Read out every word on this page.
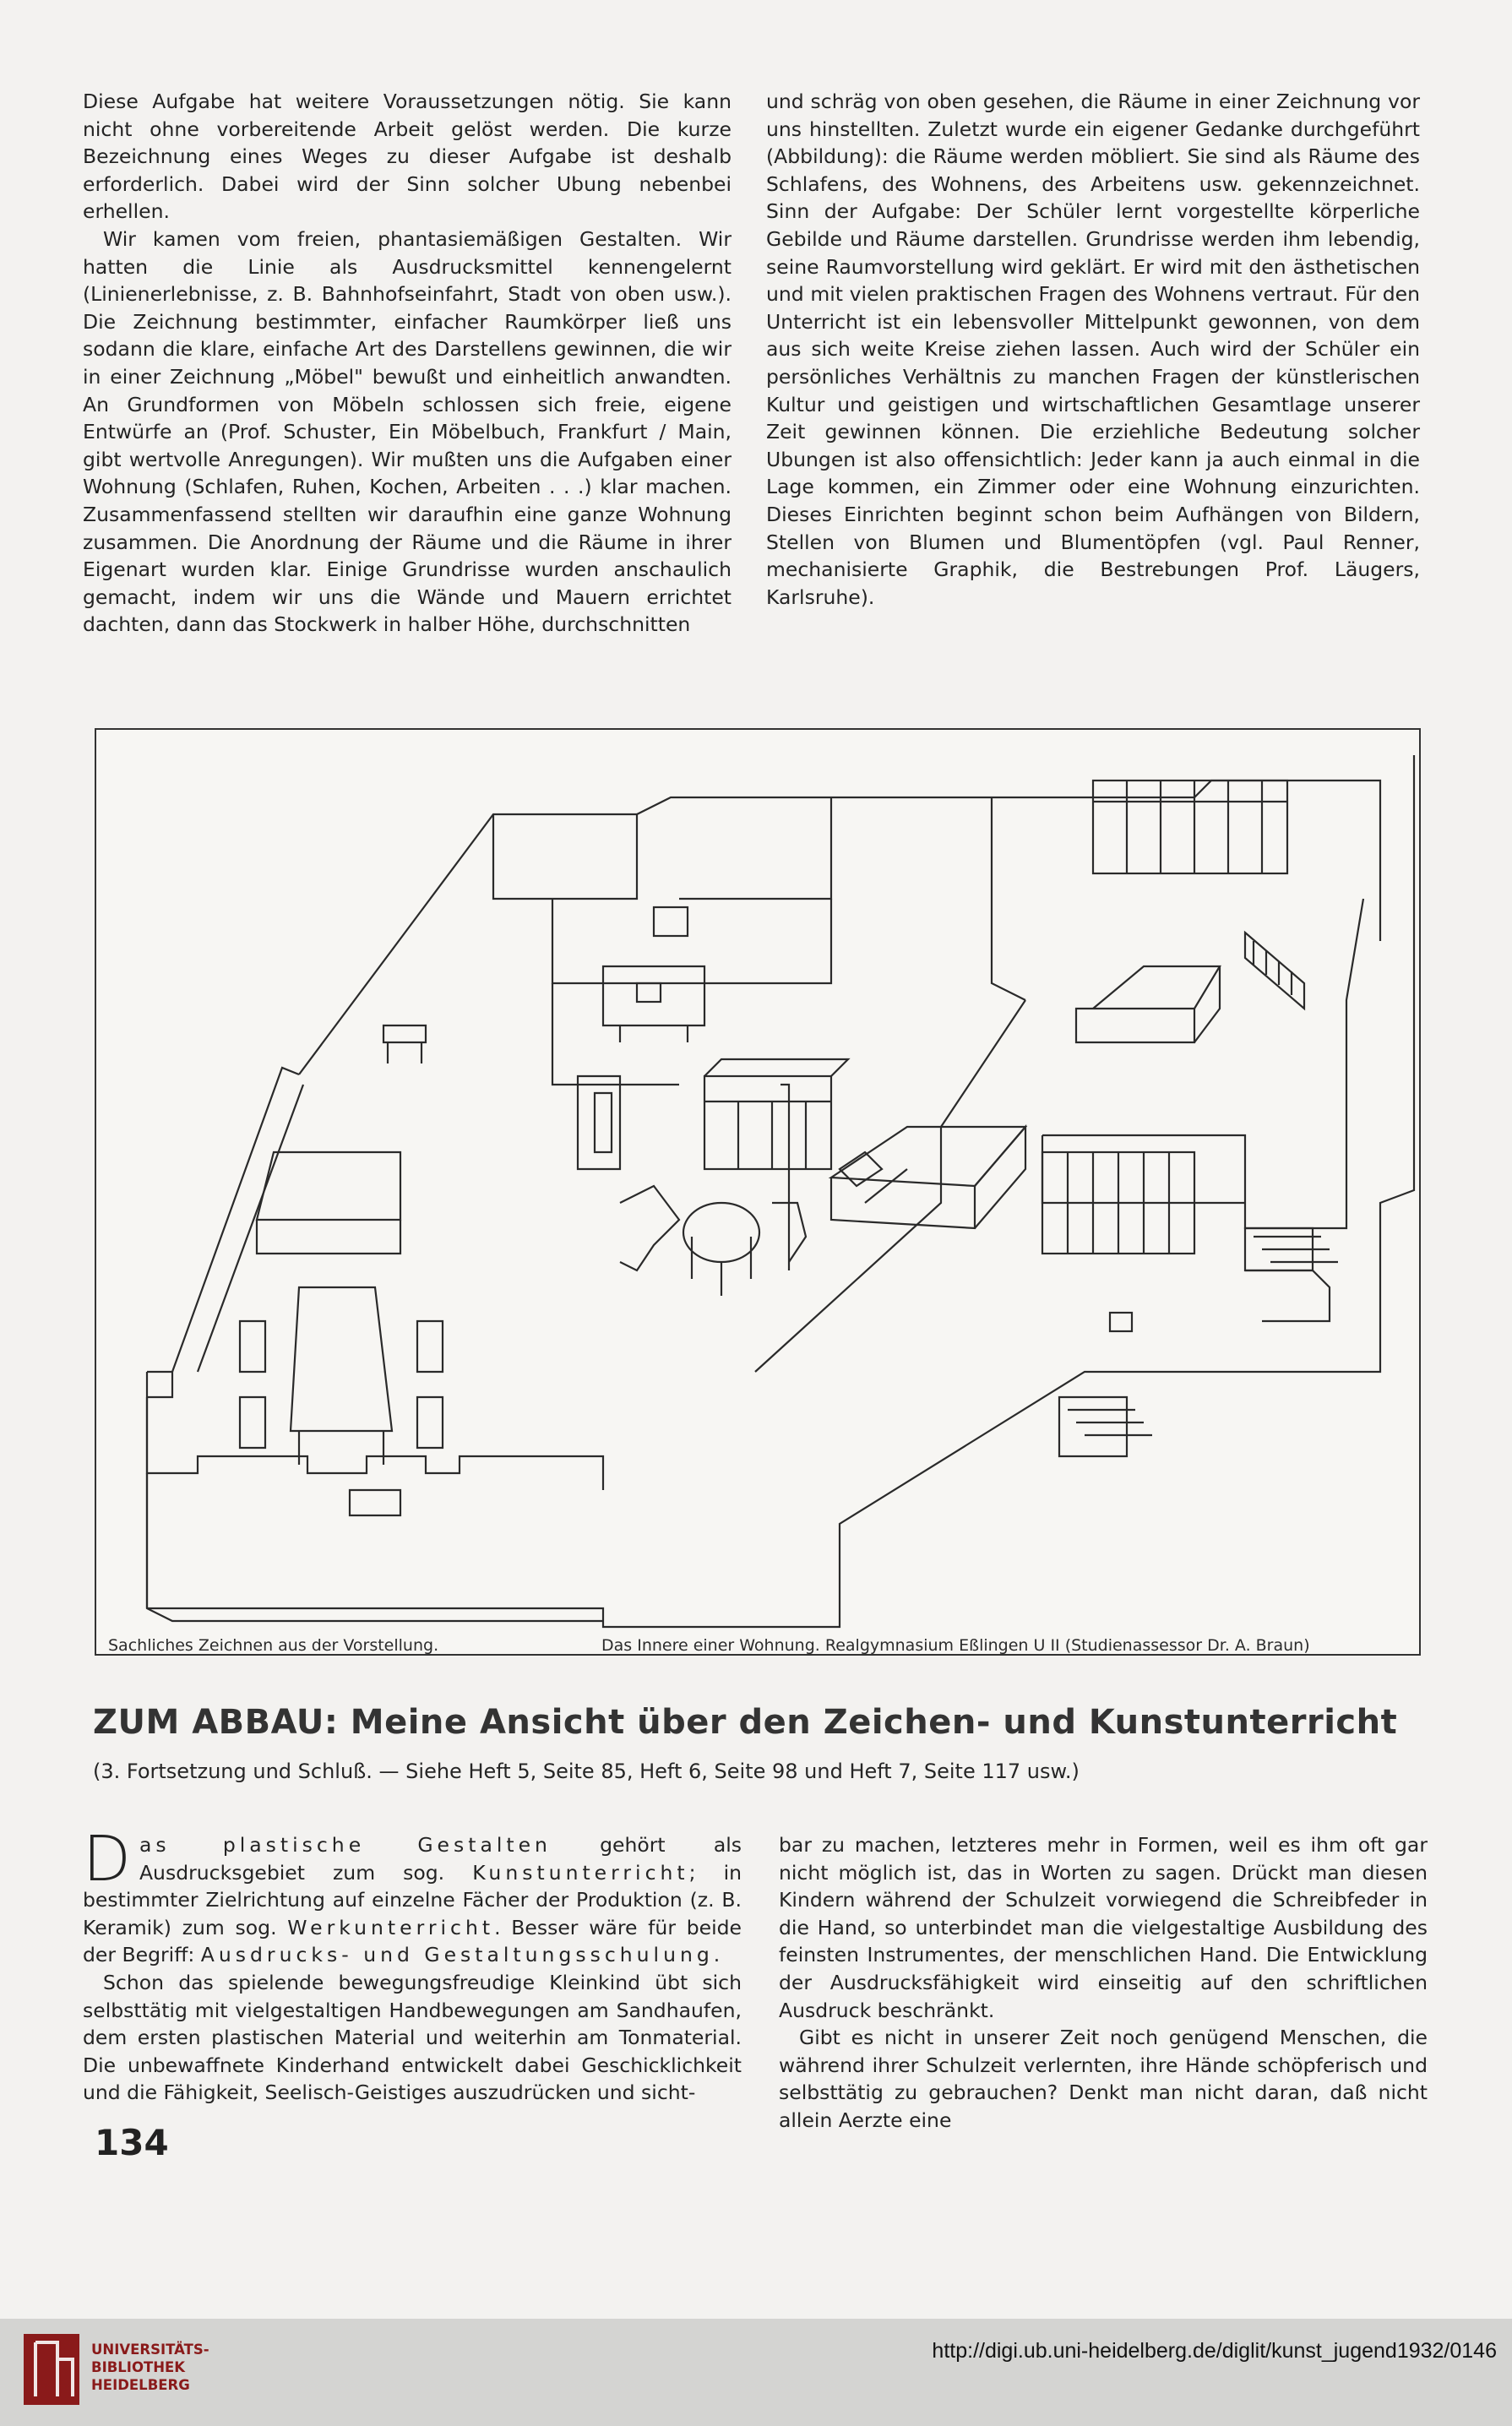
Diese Aufgabe hat weitere Voraussetzungen nötig. Sie kann nicht ohne vorbereitende Arbeit gelöst werden. Die kurze Bezeichnung eines Weges zu dieser Aufgabe ist deshalb erforderlich. Dabei wird der Sinn solcher Ubung nebenbei erhellen.

Wir kamen vom freien, phantasiemäßigen Gestalten. Wir hatten die Linie als Ausdrucksmittel kennengelernt (Linienerlebnisse, z. B. Bahnhofseinfahrt, Stadt von oben usw.). Die Zeichnung bestimmter, einfacher Raumkörper ließ uns sodann die klare, einfache Art des Darstellens gewinnen, die wir in einer Zeichnung „Möbel" bewußt und einheitlich anwandten. An Grundformen von Möbeln schlossen sich freie, eigene Entwürfe an (Prof. Schuster, Ein Möbelbuch, Frankfurt / Main, gibt wertvolle Anregungen). Wir mußten uns die Aufgaben einer Wohnung (Schlafen, Ruhen, Kochen, Arbeiten . . .) klar machen. Zusammenfassend stellten wir daraufhin eine ganze Wohnung zusammen. Die Anordnung der Räume und die Räume in ihrer Eigenart wurden klar. Einige Grundrisse wurden anschaulich gemacht, indem wir uns die Wände und Mauern errichtet dachten, dann das Stockwerk in halber Höhe, durchschnitten

und schräg von oben gesehen, die Räume in einer Zeichnung vor uns hinstellten. Zuletzt wurde ein eigener Gedanke durchgeführt (Abbildung): die Räume werden möbliert. Sie sind als Räume des Schlafens, des Wohnens, des Arbeitens usw. gekennzeichnet. Sinn der Aufgabe: Der Schüler lernt vorgestellte körperliche Gebilde und Räume darstellen. Grundrisse werden ihm lebendig, seine Raumvorstellung wird geklärt. Er wird mit den ästhetischen und mit vielen praktischen Fragen des Wohnens vertraut. Für den Unterricht ist ein lebensvoller Mittelpunkt gewonnen, von dem aus sich weite Kreise ziehen lassen. Auch wird der Schüler ein persönliches Verhältnis zu manchen Fragen der künstlerischen Kultur und geistigen und wirtschaftlichen Gesamtlage unserer Zeit gewinnen können. Die erziehliche Bedeutung solcher Ubungen ist also offensichtlich: Jeder kann ja auch einmal in die Lage kommen, ein Zimmer oder eine Wohnung einzurichten. Dieses Einrichten beginnt schon beim Aufhängen von Bildern, Stellen von Blumen und Blumentöpfen (vgl. Paul Renner, mechanisierte Graphik, die Bestrebungen Prof. Läugers, Karlsruhe).

Sachliches Zeichnen aus der Vorstellung.	Das Innere einer Wohnung. Realgymnasium Eßlingen U II (Studienassessor Dr. A. Braun)
ZUM ABBAU: Meine Ansicht über den Zeichen- und Kunstunterricht
(3. Fortsetzung und Schluß. — Siehe Heft 5, Seite 85, Heft 6, Seite 98 und Heft 7, Seite 117 usw.)

Das plastische Gestalten gehört als Ausdrucksgebiet zum sog. Kunstunterricht; in bestimmter Zielrichtung auf einzelne Fächer der Produktion (z. B. Keramik) zum sog. Werkunterricht. Besser wäre für beide der Begriff: Ausdrucks- und Gestaltungsschulung.

Schon das spielende bewegungsfreudige Kleinkind übt sich selbsttätig mit vielgestaltigen Handbewegungen am Sandhaufen, dem ersten plastischen Material und weiterhin am Tonmaterial. Die unbewaffnete Kinderhand entwickelt dabei Geschicklichkeit und die Fähigkeit, Seelisch-Geistiges auszudrücken und sicht-

bar zu machen, letzteres mehr in Formen, weil es ihm oft gar nicht möglich ist, das in Worten zu sagen. Drückt man diesen Kindern während der Schulzeit vorwiegend die Schreibfeder in die Hand, so unterbindet man die vielgestaltige Ausbildung des feinsten Instrumentes, der menschlichen Hand. Die Entwicklung der Ausdrucksfähigkeit wird einseitig auf den schriftlichen Ausdruck beschränkt.

Gibt es nicht in unserer Zeit noch genügend Menschen, die während ihrer Schulzeit verlernten, ihre Hände schöpferisch und selbsttätig zu gebrauchen? Denkt man nicht daran, daß nicht allein Aerzte eine

134
UNIVERSITÄTS-
BIBLIOTHEK
HEIDELBERG
http://digi.ub.uni-heidelberg.de/diglit/kunst_jugend1932/0146
